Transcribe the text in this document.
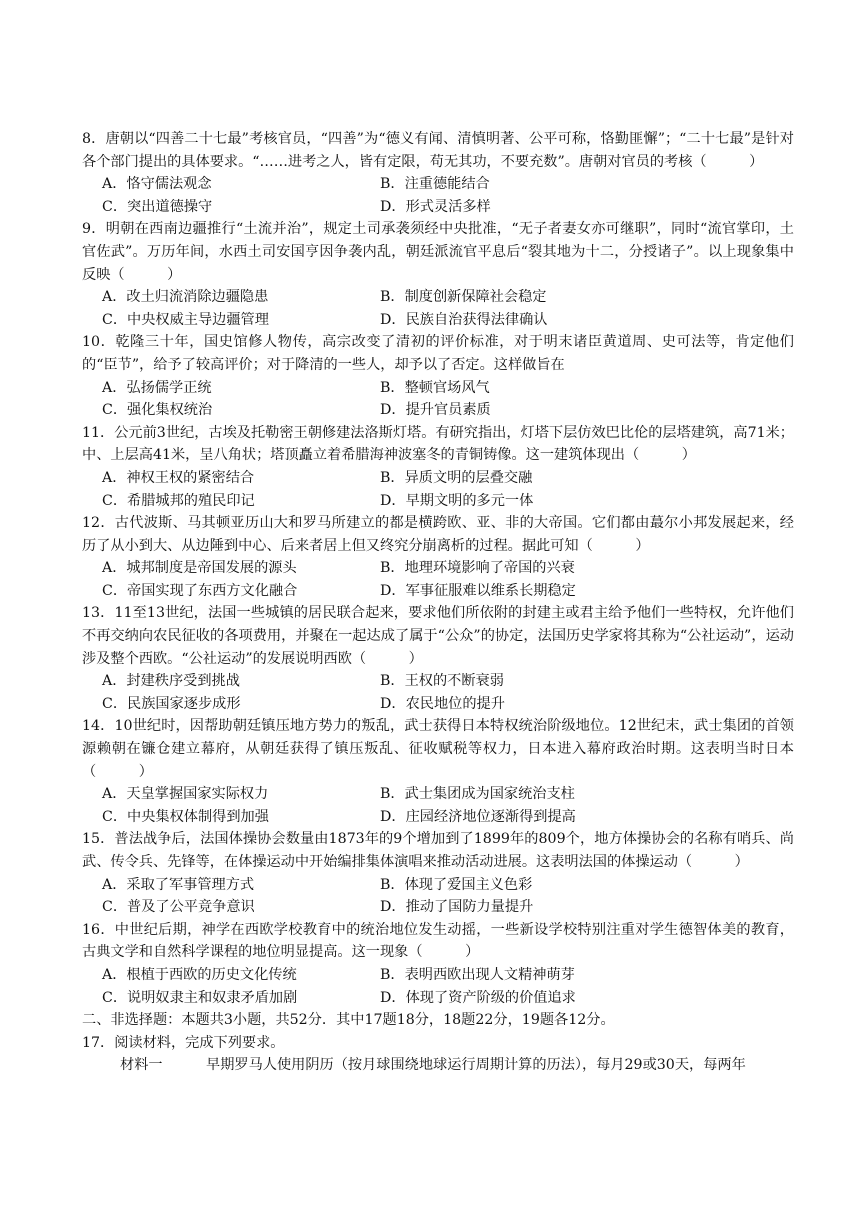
8．唐朝以“四善二十七最”考核官员，“四善”为“德义有闻、清慎明著、公平可称，恪勤匪懈”；“二十七最”是针对各个部门提出的具体要求。“……进考之人，皆有定限，苟无其功，不要充数”。唐朝对官员的考核（　　　）

A．恪守儒法观念	B．注重德能结合
C．突出道德操守	D．形式灵活多样

9．明朝在西南边疆推行“土流并治”，规定土司承袭须经中央批准，“无子者妻女亦可继职”，同时“流官掌印，土官佐武”。万历年间，水西土司安国亨因争袭内乱，朝廷派流官平息后“裂其地为十二，分授诸子”。以上现象集中反映（　　　）

A．改土归流消除边疆隐患	B．制度创新保障社会稳定
C．中央权威主导边疆管理	D．民族自治获得法律确认

10．乾隆三十年，国史馆修人物传，高宗改变了清初的评价标准，对于明末诸臣黄道周、史可法等，肯定他们的“臣节”，给予了较高评价；对于降清的一些人，却予以了否定。这样做旨在

A．弘扬儒学正统	B．整顿官场风气
C．强化集权统治	D．提升官员素质

11．公元前3世纪，古埃及托勒密王朝修建法洛斯灯塔。有研究指出，灯塔下层仿效巴比伦的层塔建筑，高71米；中、上层高41米，呈八角状；塔顶矗立着希腊海神波塞冬的青铜铸像。这一建筑体现出（　　　）

A．神权王权的紧密结合	B．异质文明的层叠交融
C．希腊城邦的殖民印记	D．早期文明的多元一体

12．古代波斯、马其顿亚历山大和罗马所建立的都是横跨欧、亚、非的大帝国。它们都由蕞尔小邦发展起来，经历了从小到大、从边陲到中心、后来者居上但又终究分崩离析的过程。据此可知（　　　）

A．城邦制度是帝国发展的源头	B．地理环境影响了帝国的兴衰
C．帝国实现了东西方文化融合	D．军事征服难以维系长期稳定

13．11至13世纪，法国一些城镇的居民联合起来，要求他们所依附的封建主或君主给予他们一些特权，允许他们不再交纳向农民征收的各项费用，并聚在一起达成了属于“公众”的协定，法国历史学家将其称为“公社运动”，运动涉及整个西欧。“公社运动”的发展说明西欧（　　　）

A．封建秩序受到挑战	B．王权的不断衰弱
C．民族国家逐步成形	D．农民地位的提升

14．10世纪时，因帮助朝廷镇压地方势力的叛乱，武士获得日本特权统治阶级地位。12世纪末，武士集团的首领源赖朝在镰仓建立幕府，从朝廷获得了镇压叛乱、征收赋税等权力，日本进入幕府政治时期。这表明当时日本（　　　）

A．天皇掌握国家实际权力	B．武士集团成为国家统治支柱
C．中央集权体制得到加强	D．庄园经济地位逐渐得到提高

15．普法战争后，法国体操协会数量由1873年的9个增加到了1899年的809个，地方体操协会的名称有哨兵、尚武、传令兵、先锋等，在体操运动中开始编排集体演唱来推动活动进展。这表明法国的体操运动（　　　）

A．采取了军事管理方式	B．体现了爱国主义色彩
C．普及了公平竞争意识	D．推动了国防力量提升

16．中世纪后期，神学在西欧学校教育中的统治地位发生动摇，一些新设学校特别注重对学生德智体美的教育，古典文学和自然科学课程的地位明显提高。这一现象（　　　）

A．根植于西欧的历史文化传统	B．表明西欧出现人文精神萌芽
C．说明奴隶主和奴隶矛盾加剧	D．体现了资产阶级的价值追求

二、非选择题：本题共3小题，共52分．其中17题18分，18题22分，19题各12分。

17．阅读材料，完成下列要求。

材料一	早期罗马人使用阴历（按月球围绕地球运行周期计算的历法），每月29或30天，每两年
